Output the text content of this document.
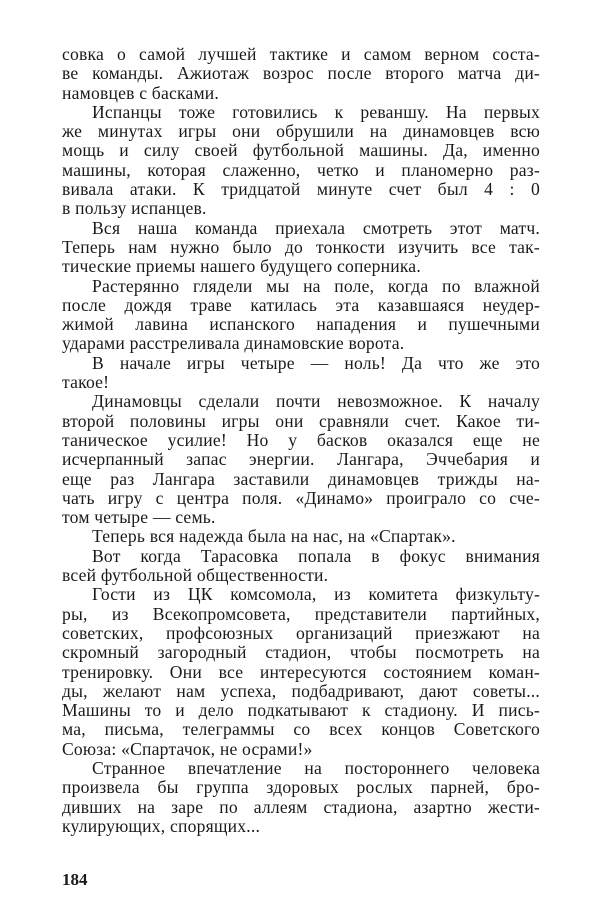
совка о самой лучшей тактике и самом верном соста-
ве команды. Ажиотаж возрос после второго матча ди-
намовцев с басками.
Испанцы тоже готовились к реваншу. На первых
же минутах игры они обрушили на динамовцев всю
мощь и силу своей футбольной машины. Да, именно
машины, которая слаженно, четко и планомерно раз-
вивала атаки. К тридцатой минуте счет был 4 : 0
в пользу испанцев.
Вся наша команда приехала смотреть этот матч.
Теперь нам нужно было до тонкости изучить все так-
тические приемы нашего будущего соперника.
Растерянно глядели мы на поле, когда по влажной
после дождя траве катилась эта казавшаяся неудер-
жимой лавина испанского нападения и пушечными
ударами расстреливала динамовские ворота.
В начале игры четыре — ноль! Да что же это
такое!
Динамовцы сделали почти невозможное. К началу
второй половины игры они сравняли счет. Какое ти-
таническое усилие! Но у басков оказался еще не
исчерпанный запас энергии. Лангара, Эччебария и
еще раз Лангара заставили динамовцев трижды на-
чать игру с центра поля. «Динамо» проиграло со сче-
том четыре — семь.
Теперь вся надежда была на нас, на «Спартак».
Вот когда Тарасовка попала в фокус внимания
всей футбольной общественности.
Гости из ЦК комсомола, из комитета физкульту-
ры, из Всекопромсовета, представители партийных,
советских, профсоюзных организаций приезжают на
скромный загородный стадион, чтобы посмотреть на
тренировку. Они все интересуются состоянием коман-
ды, желают нам успеха, подбадривают, дают советы...
Машины то и дело подкатывают к стадиону. И пись-
ма, письма, телеграммы со всех концов Советского
Союза: «Спартачок, не осрами!»
Странное впечатление на постороннего человека
произвела бы группа здоровых рослых парней, бро-
дивших на заре по аллеям стадиона, азартно жести-
кулирующих, спорящих...
184
